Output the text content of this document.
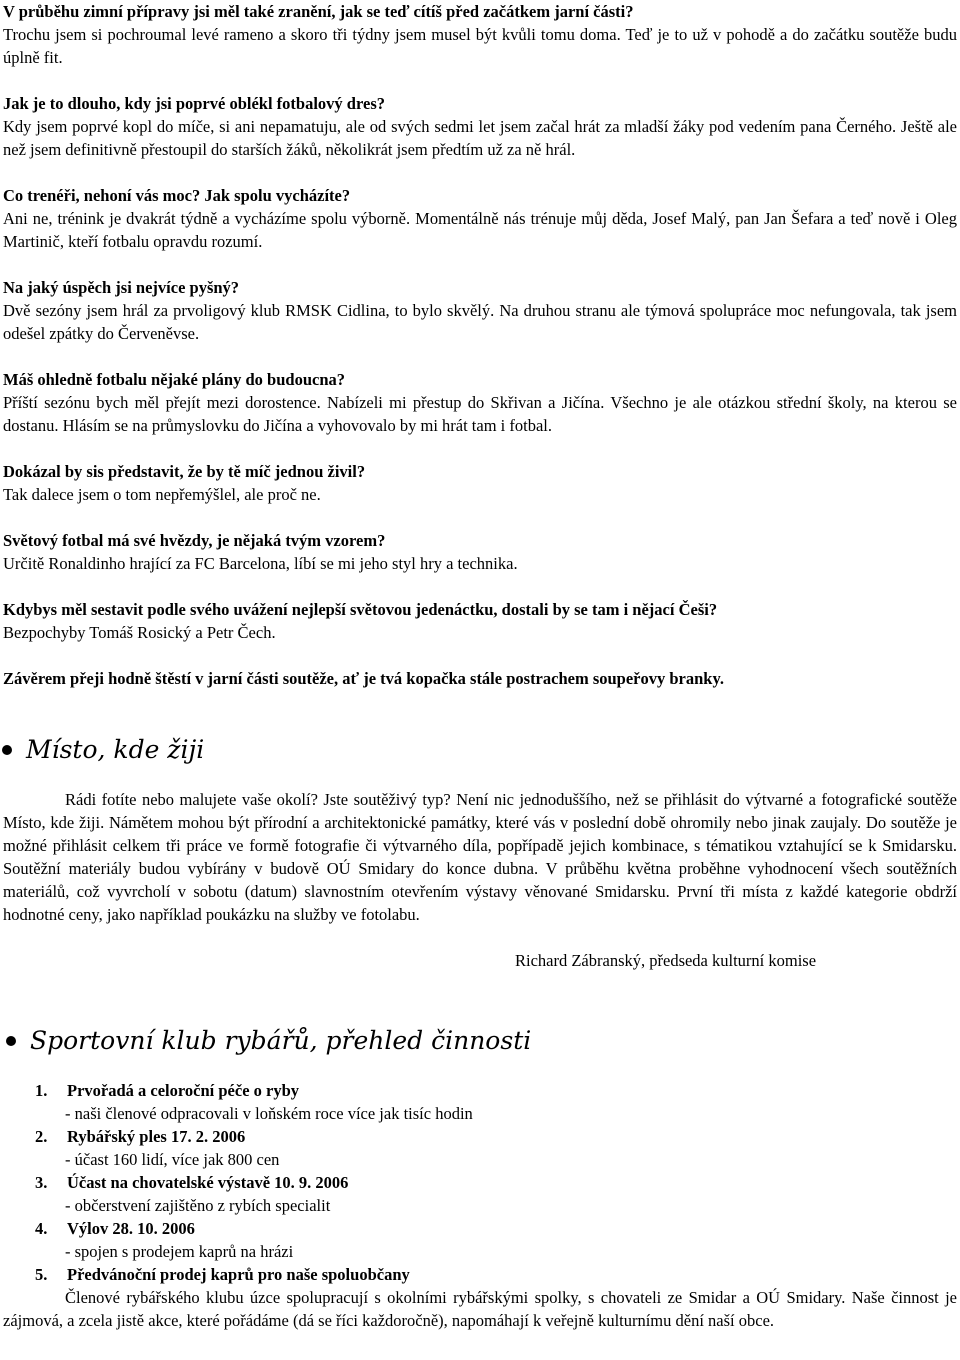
V průběhu zimní přípravy jsi měl také zranění, jak se teď cítíš před začátkem jarní části?

Trochu jsem si pochroumal levé rameno a skoro tři týdny jsem musel být kvůli tomu doma. Teď je to už v pohodě a do začátku soutěže budu úplně fit.

Jak je to dlouho, kdy jsi poprvé oblékl fotbalový dres?

Kdy jsem poprvé kopl do míče, si ani nepamatuju, ale od svých sedmi let jsem začal hrát za mladší žáky pod vedením pana Černého. Ještě ale než jsem definitivně přestoupil do starších žáků, několikrát jsem předtím už za ně hrál.

Co trenéři, nehoní vás moc? Jak spolu vycházíte?

Ani ne, trénink je dvakrát týdně a vycházíme spolu výborně. Momentálně nás trénuje můj děda, Josef Malý, pan Jan Šefara a teď nově i Oleg Martinič, kteří fotbalu opravdu rozumí.

Na jaký úspěch jsi nejvíce pyšný?

Dvě sezóny jsem hrál za prvoligový klub RMSK Cidlina, to bylo skvělý. Na druhou stranu ale týmová spolupráce moc nefungovala, tak jsem odešel zpátky do Červeněvse.

Máš ohledně fotbalu nějaké plány do budoucna?

Příští sezónu bych měl přejít mezi dorostence. Nabízeli mi přestup do Skřivan a Jičína. Všechno je ale otázkou střední školy, na kterou se dostanu. Hlásím se na průmyslovku do Jičína a vyhovovalo by mi hrát tam i fotbal.

Dokázal by sis představit, že by tě míč jednou živil?

Tak dalece jsem o tom nepřemýšlel, ale proč ne.

Světový fotbal má své hvězdy, je nějaká tvým vzorem?

Určitě Ronaldinho hrající za FC Barcelona, líbí se mi jeho styl hry a technika.

Kdybys měl sestavit podle svého uvážení nejlepší světovou jedenáctku, dostali by se tam i nějací Češi?

Bezpochyby Tomáš Rosický a Petr Čech.

Závěrem přeji hodně štěstí v jarní části soutěže, ať je tvá kopačka stále postrachem soupeřovy branky.

Místo, kde žiji

Rádi fotíte nebo malujete vaše okolí? Jste soutěživý typ? Není nic jednoduššího, než se přihlásit do výtvarné a fotografické soutěže Místo, kde žiji. Námětem mohou být přírodní a architektonické památky, které vás v poslední době ohromily nebo jinak zaujaly. Do soutěže je možné přihlásit celkem tři práce ve formě fotografie či výtvarného díla, popřípadě jejich kombinace, s tématikou vztahující se k Smidarsku. Soutěžní materiály budou vybírány v budově OÚ Smidary do konce dubna. V průběhu května proběhne vyhodnocení všech soutěžních materiálů, což vyvrcholí v sobotu (datum) slavnostním otevřením výstavy věnované Smidarsku. První tři místa z každé kategorie obdrží hodnotné ceny, jako například poukázku na služby ve fotolabu.

Richard Zábranský, předseda kulturní komise

Sportovní klub rybářů, přehled činnosti

1. Prvořadá a celoroční péče o ryby

- naši členové odpracovali v loňském roce více jak tisíc hodin

2. Rybářský ples 17. 2. 2006

- účast 160 lidí, více jak 800 cen

3. Účast na chovatelské výstavě 10. 9. 2006

- občerstvení zajištěno z rybích specialit

4. Výlov 28. 10. 2006

- spojen s prodejem kaprů na hrázi

5. Předvánoční prodej kaprů pro naše spoluobčany

Členové rybářského klubu úzce spolupracují s okolními rybářskými spolky, s chovateli ze Smidar a OÚ Smidary. Naše činnost je zájmová, a zcela jistě akce, které pořádáme (dá se říci každoročně), napomáhají k veřejně kulturnímu dění naší obce.
